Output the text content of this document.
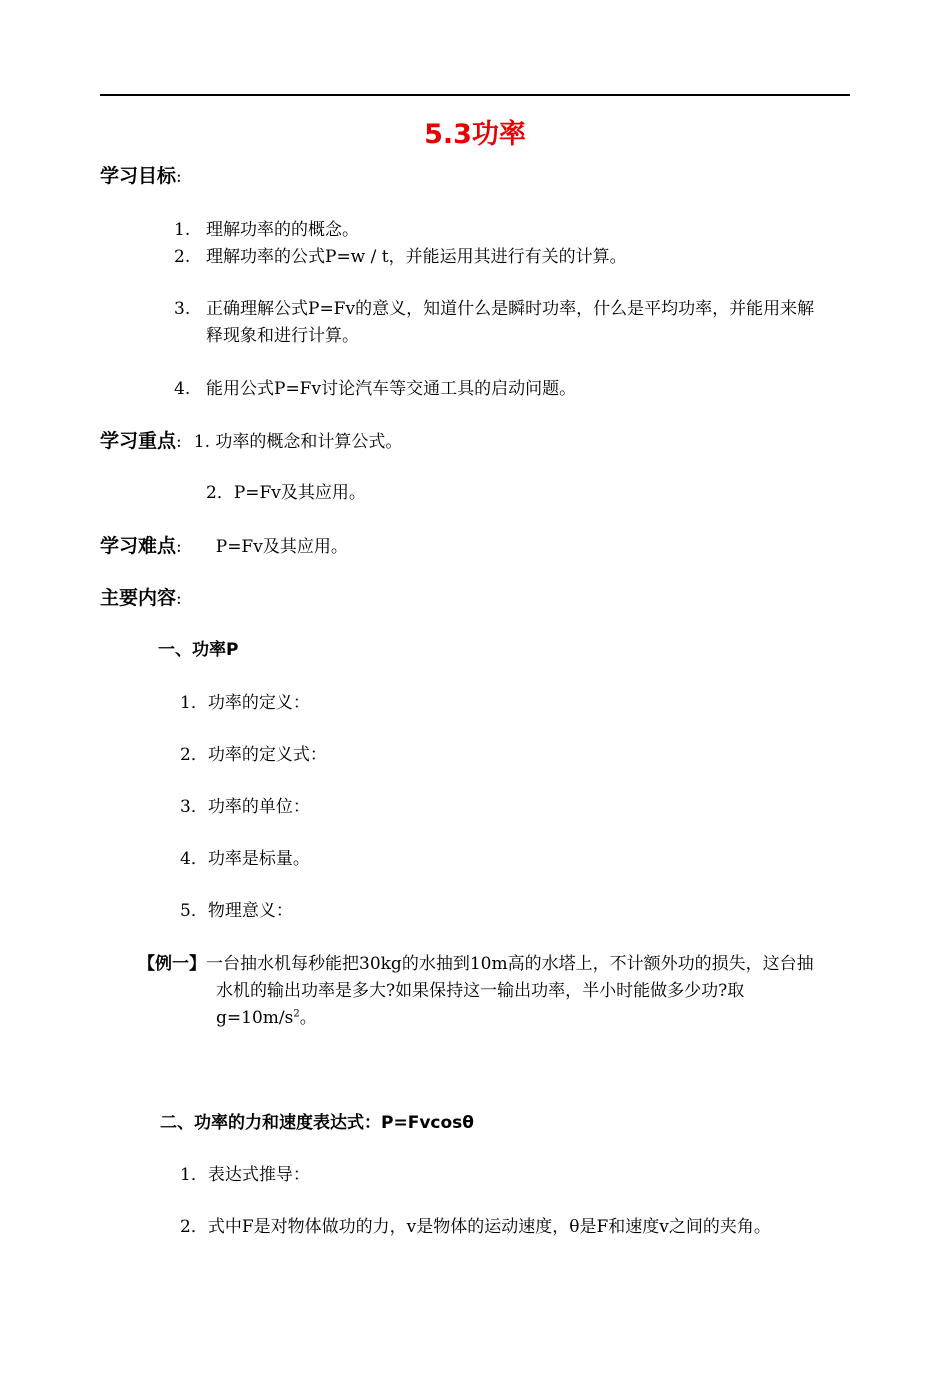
5.3功率
学习目标:
1. 理解功率的的概念。
2. 理解功率的公式P=w / t，并能运用其进行有关的计算。
3. 正确理解公式P=Fv的意义，知道什么是瞬时功率，什么是平均功率，并能用来解
释现象和进行计算。
4. 能用公式P=Fv讨论汽车等交通工具的启动问题。
学习重点: 1. 功率的概念和计算公式。
2．P=Fv及其应用。
学习难点: P=Fv及其应用。
主要内容:
一、功率P
1．功率的定义：
2．功率的定义式：
3．功率的单位：
4．功率是标量。
5．物理意义：
【例一】一台抽水机每秒能把30kg的水抽到10m高的水塔上，不计额外功的损失，这台抽
水机的输出功率是多大?如果保持这一输出功率，半小时能做多少功?取
$g=10m/s^2$。
二、功率的力和速度表达式：P=Fvcosθ
1．表达式推导：
2．式中F是对物体做功的力，v是物体的运动速度，θ是F和速度v之间的夹角。
